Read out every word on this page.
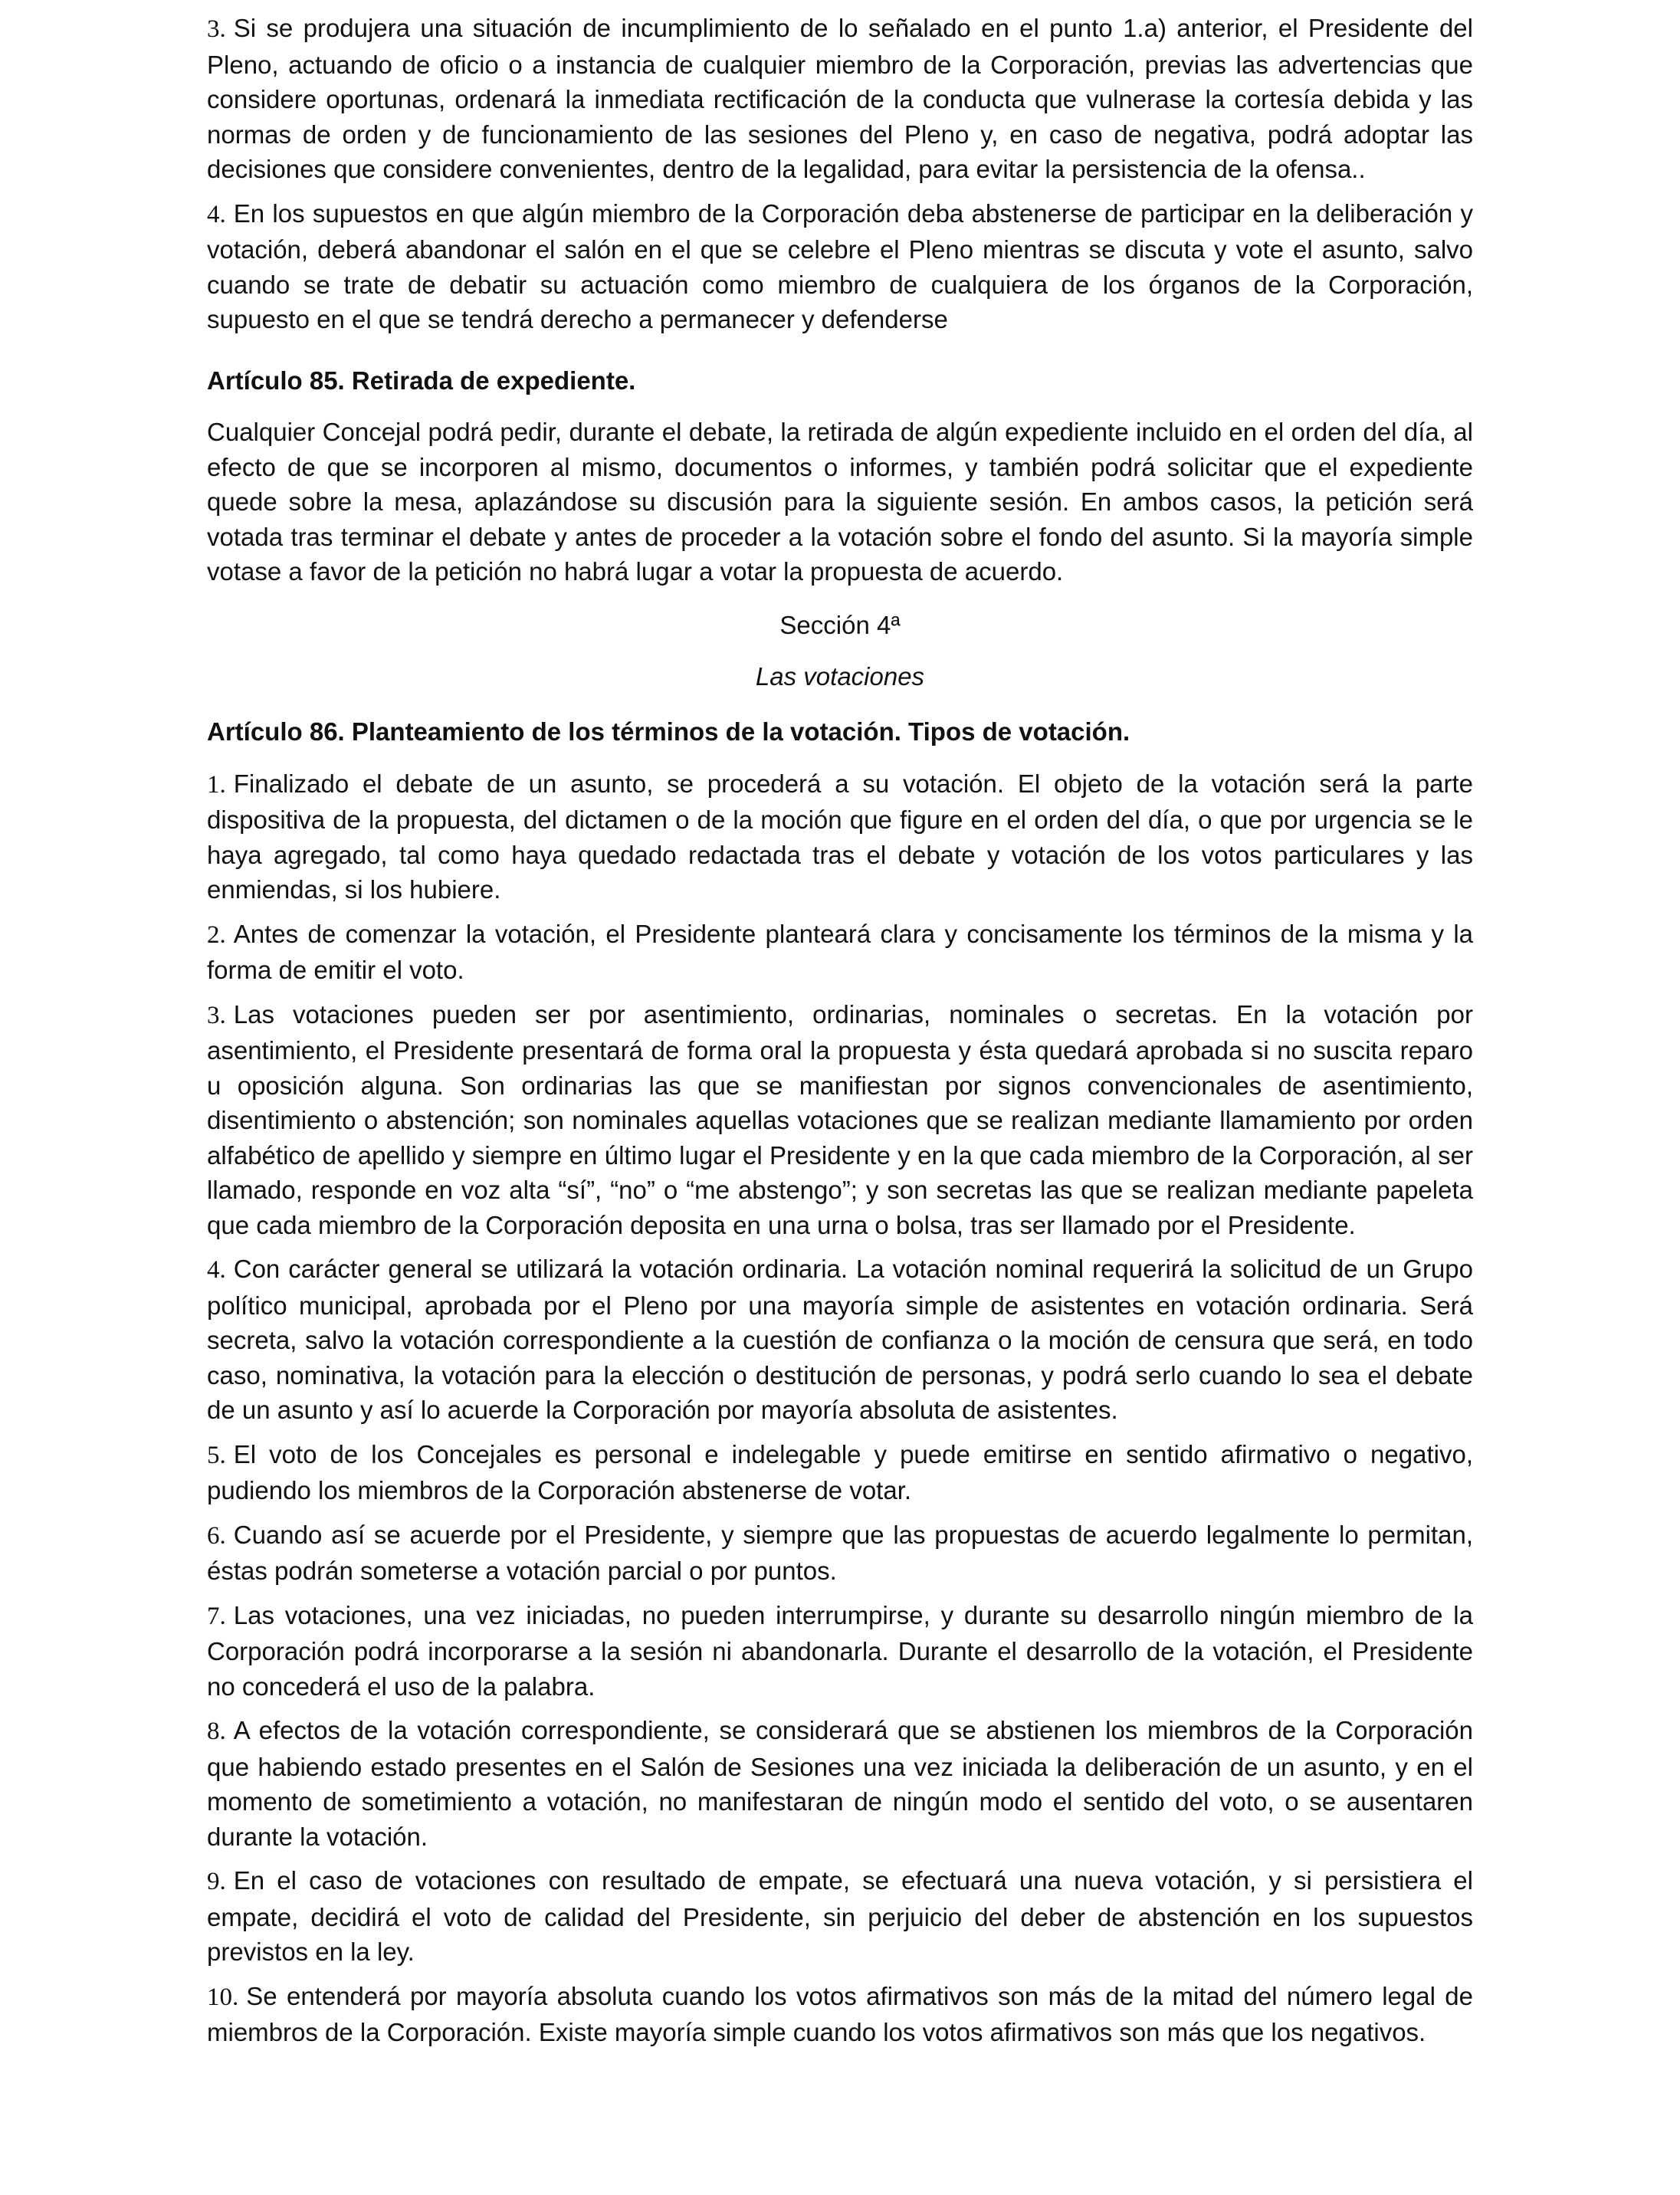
3. Si se produjera una situación de incumplimiento de lo señalado en el punto 1.a) anterior, el Presidente del Pleno, actuando de oficio o a instancia de cualquier miembro de la Corporación, previas las advertencias que considere oportunas, ordenará la inmediata rectificación de la conducta que vulnerase la cortesía debida y las normas de orden y de funcionamiento de las sesiones del Pleno y, en caso de negativa, podrá adoptar las decisiones que considere convenientes, dentro de la legalidad, para evitar la persistencia de la ofensa..

4. En los supuestos en que algún miembro de la Corporación deba abstenerse de participar en la deliberación y votación, deberá abandonar el salón en el que se celebre el Pleno mientras se discuta y vote el asunto, salvo cuando se trate de debatir su actuación como miembro de cualquiera de los órganos de la Corporación, supuesto en el que se tendrá derecho a permanecer y defenderse

Artículo 85. Retirada de expediente.

Cualquier Concejal podrá pedir, durante el debate, la retirada de algún expediente incluido en el orden del día, al efecto de que se incorporen al mismo, documentos o informes, y también podrá solicitar que el expediente quede sobre la mesa, aplazándose su discusión para la siguiente sesión. En ambos casos, la petición será votada tras terminar el debate y antes de proceder a la votación sobre el fondo del asunto. Si la mayoría simple votase a favor de la petición no habrá lugar a votar la propuesta de acuerdo.

Sección 4ª

Las votaciones

Artículo 86. Planteamiento de los términos de la votación. Tipos de votación.

1. Finalizado el debate de un asunto, se procederá a su votación. El objeto de la votación será la parte dispositiva de la propuesta, del dictamen o de la moción que figure en el orden del día, o que por urgencia se le haya agregado, tal como haya quedado redactada tras el debate y votación de los votos particulares y las enmiendas, si los hubiere.

2. Antes de comenzar la votación, el Presidente planteará clara y concisamente los términos de la misma y la forma de emitir el voto.

3. Las votaciones pueden ser por asentimiento, ordinarias, nominales o secretas. En la votación por asentimiento, el Presidente presentará de forma oral la propuesta y ésta quedará aprobada si no suscita reparo u oposición alguna. Son ordinarias las que se manifiestan por signos convencionales de asentimiento, disentimiento o abstención; son nominales aquellas votaciones que se realizan mediante llamamiento por orden alfabético de apellido y siempre en último lugar el Presidente y en la que cada miembro de la Corporación, al ser llamado, responde en voz alta “sí”, “no” o “me abstengo”; y son secretas las que se realizan mediante papeleta que cada miembro de la Corporación deposita en una urna o bolsa, tras ser llamado por el Presidente.

4. Con carácter general se utilizará la votación ordinaria. La votación nominal requerirá la solicitud de un Grupo político municipal, aprobada por el Pleno por una mayoría simple de asistentes en votación ordinaria. Será secreta, salvo la votación correspondiente a la cuestión de confianza o la moción de censura que será, en todo caso, nominativa, la votación para la elección o destitución de personas, y podrá serlo cuando lo sea el debate de un asunto y así lo acuerde la Corporación por mayoría absoluta de asistentes.

5. El voto de los Concejales es personal e indelegable y puede emitirse en sentido afirmativo o negativo, pudiendo los miembros de la Corporación abstenerse de votar.

6. Cuando así se acuerde por el Presidente, y siempre que las propuestas de acuerdo legalmente lo permitan, éstas podrán someterse a votación parcial o por puntos.

7. Las votaciones, una vez iniciadas, no pueden interrumpirse, y durante su desarrollo ningún miembro de la Corporación podrá incorporarse a la sesión ni abandonarla. Durante el desarrollo de la votación, el Presidente no concederá el uso de la palabra.

8. A efectos de la votación correspondiente, se considerará que se abstienen los miembros de la Corporación que habiendo estado presentes en el Salón de Sesiones una vez iniciada la deliberación de un asunto, y en el momento de sometimiento a votación, no manifestaran de ningún modo el sentido del voto, o se ausentaren durante la votación.

9. En el caso de votaciones con resultado de empate, se efectuará una nueva votación, y si persistiera el empate, decidirá el voto de calidad del Presidente, sin perjuicio del deber de abstención en los supuestos previstos en la ley.

10. Se entenderá por mayoría absoluta cuando los votos afirmativos son más de la mitad del número legal de miembros de la Corporación. Existe mayoría simple cuando los votos afirmativos son más que los negativos.
